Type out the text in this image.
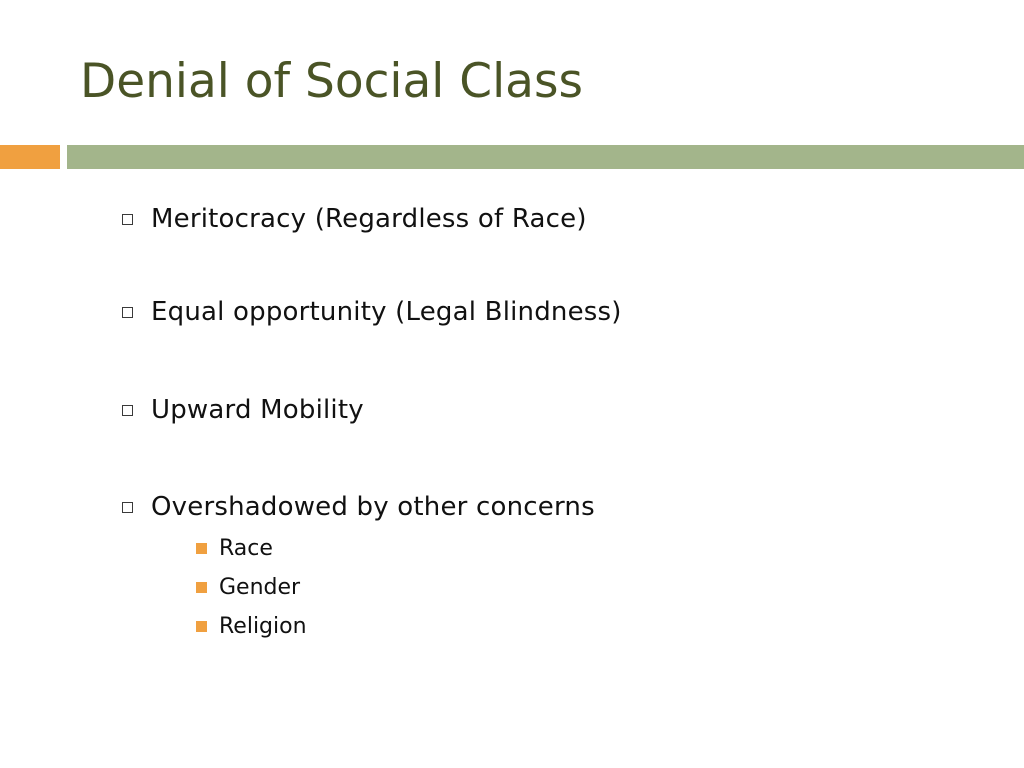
Denial of Social Class
Meritocracy (Regardless of Race)
Equal opportunity (Legal Blindness)
Upward Mobility
Overshadowed by other concerns
Race
Gender
Religion
